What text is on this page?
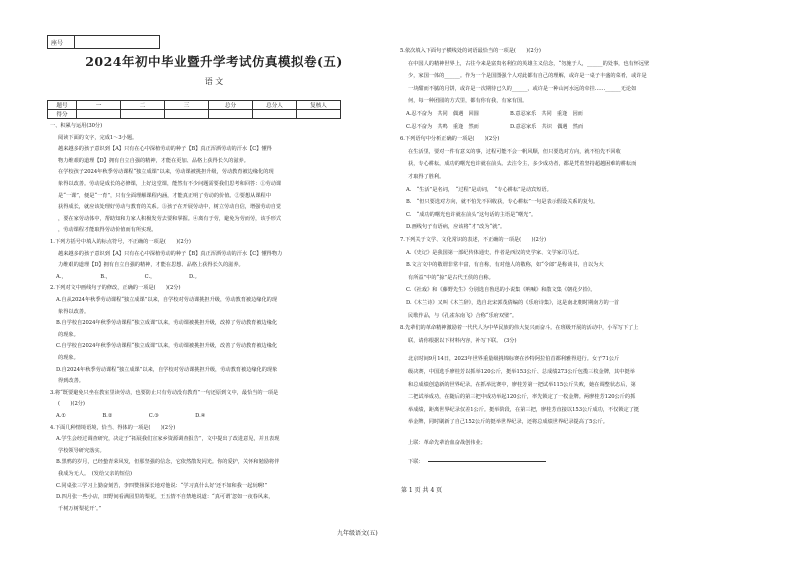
座号	
2024年初中毕业暨升学考试仿真模拟卷(五)
语 文
题号	一	二	三	总分	总分人	复核人
得分						
一、积累与运用(30分)
阅读下面的文字，完成1～3小题。
越来越多的孩子意识到【A】只有在心中深植劳动的种子【B】真正浑洒劳动的汗水【C】懂得
物力维艰的道理【D】拥有自立自强的精神，才能在更加、品格上获得长久的滋养。
在学校孩子2024年秋季劳动课程“独立成课”以来，劳动课被挑担升级，劳动教育被边缘化的现
象得以改善。劳动是成长的必修课，上好这堂课，能然有不少问题需要我们思考和回答：①劳动课
是“一课”，便是“一育”，只有全面理解课程内涵，才能真正明了劳动的价值。②要想从课程中
获得成长，就应该处理好劳动与教育的关系。③孩子在开展劳动中，树立劳动自信，增强劳动自觉
，要在家劳动体中，帮助知和力家人积极发劳去要和掌握。④离有于劳，避免为劳而劳，该手形式
，劳动课程才能取得劳动价值而有所实现。
1.下列方括号中填入的标点符号，不正确的一项是(　　)(2分)
越来越多的孩子意识到【A】只有在心中深植劳动的种子【B】真正浑洒劳动的汗水【C】懂得物力
力维艰的道理【D】拥有自立自强的精神，才能在思想、品格上获得长久的滋养。
A.，　　　　　　　B.，　　　　　　　C.，　　　　　　　D.。
2.下列对文中画线句子的修改，正确的一项是(　　)(2分)
A.自从2024年秋季劳动课程“独立成课”以来，自学校对劳动课挑担升级，劳动教育被边缘化的现
象得以改善。
B.自学校自2024年秋季劳动课程“独立成课”以来，劳动课被挑担升级，改掉了劳动教育被边缘化
的现象。
C.自学校自2024年秋季劳动课程“独立成课”以来，劳动课被挑担升级，改善了劳动教育被边缘化
的现象。
D.自2024年秋季劳动课程“独立成课”以来，自学校对劳动课挑担升级，劳动教育被边缘化的现象
得到改善。
3.将“既要避免只坐在教室里读劳动，也要防止只有劳动没有教育”一句还原到文中，最恰当的一项是
(　　)(2分)
A.①　　　　　　　B.②　　　　　　　C.③　　　　　　　D.④
4.下面几种情境语境，恰当、得体的一项是(　　)(2分)
A.学生会经过调查研究，决定于“拓展我们宣家乡资源调查报告”，文中提出了改进意见，并且表现
学校领导研究落实。
B.黑鸦的岁月，已经蛰青荣风发，但那坚强的信念，它依然散发闪光。你的爱护，关怀和勉励将伴
我成为无人。　(发给父亲的短信)
C.同桌张三学习上勤奋刻苦，李四赞扬深长地对他说：“学习真什么好'还不如和我一起玩啊!”
D.四月张一些小店，田野间看满园里的梨花，王五情不自禁地说道：“真可谓‘忽如一夜春风来，
千树万树梨花开’。”
5.依次填入下面句子横线处的词语最恰当的一项是(　　)(2分)
在中国人的精神世界上，古往今来是富贵名利位的英雄主义信念，“勿施于人，______的处事，也有怀远壁
少，家国一体的______。作为一个是国图强个人对此都有自己的理解，或许是一桌子丰盛的菜肴，或许是
一块酣而不腻的月饼，或许是一次期待已久的______，或许是一种山河水远的牵挂……______无论如
何，每一种团圆的方式里，都有你有我，有家有国。
A.忍不奋为　共同　偶遇　回圆　　　　　　B.意忍家乐　共同　重逢　因而
C.忍不奋为　共鸣　重逢　然而　　　　　　D.意忍家乐　共识　偶遇　然而
6.下列语句中分析正确的一项是(　　)(2分)
在生活里，要对一件有意义的事，过程可能不会一帆风顺，但只要选对方向，就不怕先不回收
获，专心耕耘，成功的曙光也许就在前头。去注令主，多少成功者，都是凭着坚持超越困难的耕耘而
才取得了胜利。
A.　“生活”是名词，　“过程”是动词，　“专心耕耘”是动宾短语。
B.　“但只要选对方向，就不怕先不回收获，专心耕耘”一句是表示假设关系的复句。
C.　“成功的曙光也许就在前头”这句话的主语是“曙光”。
D.画线句子有语病，应该将“才”改为“就”。
7.下列关于文学、文化常识的表述，不正确的一项是(　　)(2分)
A.《史记》是我国第一部纪传体通史，作者是西汉的史学家、文学家司马迁。
B.文言文中的敬谓非常丰富，有自称，有对他人的敬称，如“令郎”是称谈书，自以为大
有所益”中的“掠”是古代王侯的自称。
C.《社戏》和《藤野先生》分别选自鲁迅的小说集《呐喊》和散文集《朝花夕拾》。
D.《木兰诗》又叫《木兰辞》，选自北宋郭茂倩编的《乐府诗集》，这是南北朝时期南方的一首
民歌作品，与《孔雀东南飞》合称“乐府双璧”。
8.先辈们的革命精神激励着一代代人为中华民族的伟大复兴而奋斗。在班级开展的活动中，小军写下了上
联，请你根据以下材料内容，补写下联。　(3分)
北京时间9月14日，2023年世界重量级挑锦标赛在沙特阿拉伯首都利雅得进行。女子71公斤
级决赛，中国选手廖桂芳以抓举120公斤，挺举153公斤、总成绩273公斤包揽三枚金牌，其中挺举
和总成绩创造新的世界纪录。在抓举比赛中，廖桂芳第一把试举115公斤失败，她在调整状态后，第
二把试举成功，在随后的第三把中成功举起120公斤，率先锁定了一枚金牌。两廖桂芳120公斤的抓
举成绩，距离世界纪录仅差1公斤。挺举阶段，在第三把，廖桂芳直接以153公斤成功，不仅锁定了挺
举金牌，同时刷新了自己152公斤的挺举世界纪录，还将总成绩世界纪录提高了5公斤。
上联：革命先辈治血奋战创伟业；
下联：
第 1 页 共 4 页
九年级语文(五)
